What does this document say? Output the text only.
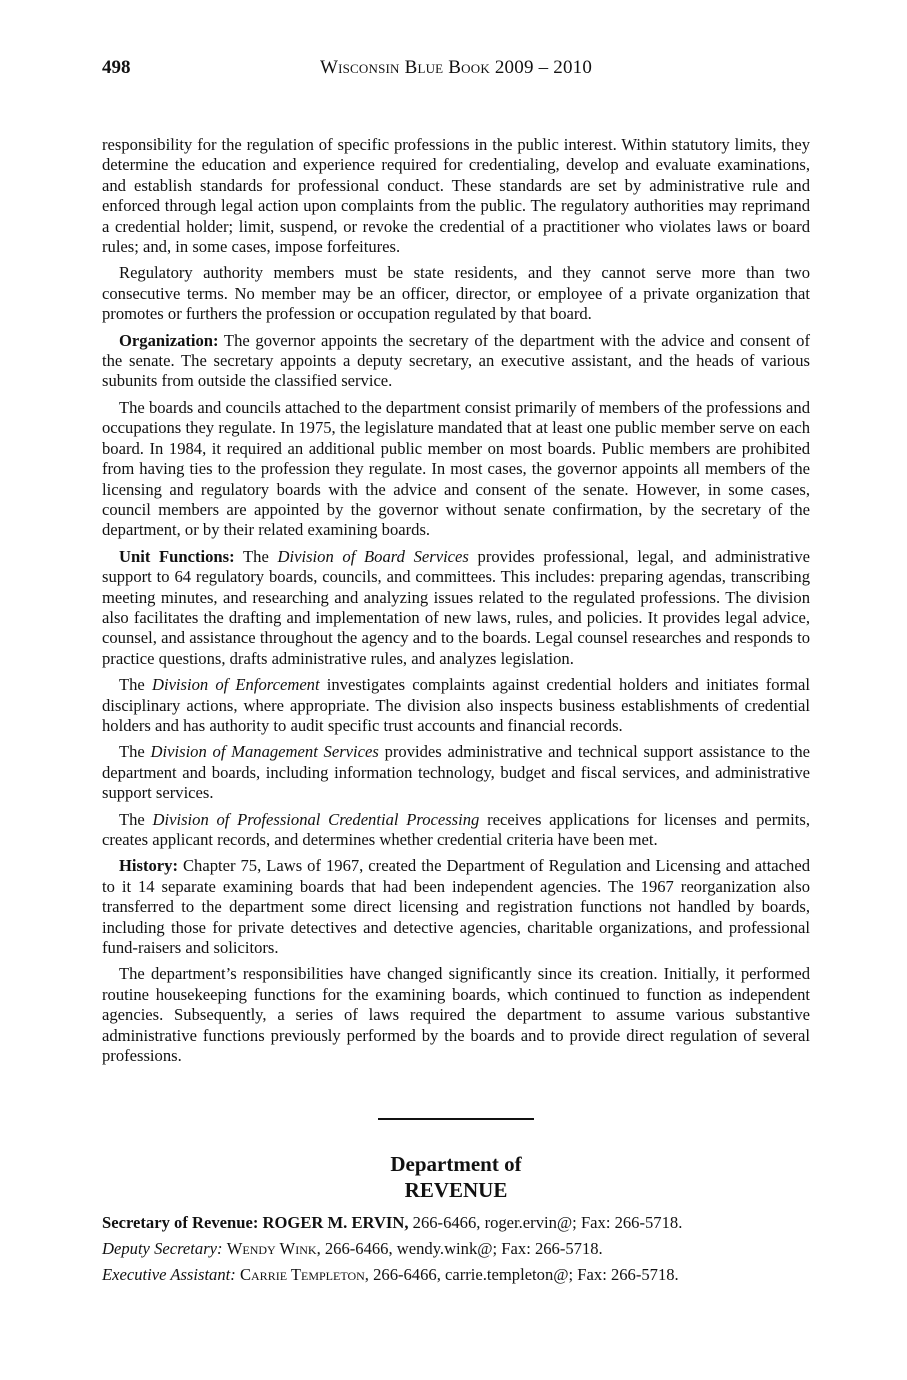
498	Wisconsin Blue Book 2009 – 2010

responsibility for the regulation of specific professions in the public interest. Within statutory limits, they determine the education and experience required for credentialing, develop and evaluate examinations, and establish standards for professional conduct. These standards are set by administrative rule and enforced through legal action upon complaints from the public. The regulatory authorities may reprimand a credential holder; limit, suspend, or revoke the credential of a practitioner who violates laws or board rules; and, in some cases, impose forfeitures.

Regulatory authority members must be state residents, and they cannot serve more than two consecutive terms. No member may be an officer, director, or employee of a private organization that promotes or furthers the profession or occupation regulated by that board.

Organization: The governor appoints the secretary of the department with the advice and consent of the senate. The secretary appoints a deputy secretary, an executive assistant, and the heads of various subunits from outside the classified service.

The boards and councils attached to the department consist primarily of members of the professions and occupations they regulate. In 1975, the legislature mandated that at least one public member serve on each board. In 1984, it required an additional public member on most boards. Public members are prohibited from having ties to the profession they regulate. In most cases, the governor appoints all members of the licensing and regulatory boards with the advice and consent of the senate. However, in some cases, council members are appointed by the governor without senate confirmation, by the secretary of the department, or by their related examining boards.

Unit Functions: The Division of Board Services provides professional, legal, and administrative support to 64 regulatory boards, councils, and committees. This includes: preparing agendas, transcribing meeting minutes, and researching and analyzing issues related to the regulated professions. The division also facilitates the drafting and implementation of new laws, rules, and policies. It provides legal advice, counsel, and assistance throughout the agency and to the boards. Legal counsel researches and responds to practice questions, drafts administrative rules, and analyzes legislation.

The Division of Enforcement investigates complaints against credential holders and initiates formal disciplinary actions, where appropriate. The division also inspects business establishments of credential holders and has authority to audit specific trust accounts and financial records.

The Division of Management Services provides administrative and technical support assistance to the department and boards, including information technology, budget and fiscal services, and administrative support services.

The Division of Professional Credential Processing receives applications for licenses and permits, creates applicant records, and determines whether credential criteria have been met.

History: Chapter 75, Laws of 1967, created the Department of Regulation and Licensing and attached to it 14 separate examining boards that had been independent agencies. The 1967 reorganization also transferred to the department some direct licensing and registration functions not handled by boards, including those for private detectives and detective agencies, charitable organizations, and professional fund-raisers and solicitors.

The department’s responsibilities have changed significantly since its creation. Initially, it performed routine housekeeping functions for the examining boards, which continued to function as independent agencies. Subsequently, a series of laws required the department to assume various substantive administrative functions previously performed by the boards and to provide direct regulation of several professions.

Department of
REVENUE

Secretary of Revenue: ROGER M. ERVIN, 266-6466, roger.ervin@; Fax: 266-5718.

Deputy Secretary: Wendy Wink, 266-6466, wendy.wink@; Fax: 266-5718.

Executive Assistant: Carrie Templeton, 266-6466, carrie.templeton@; Fax: 266-5718.
